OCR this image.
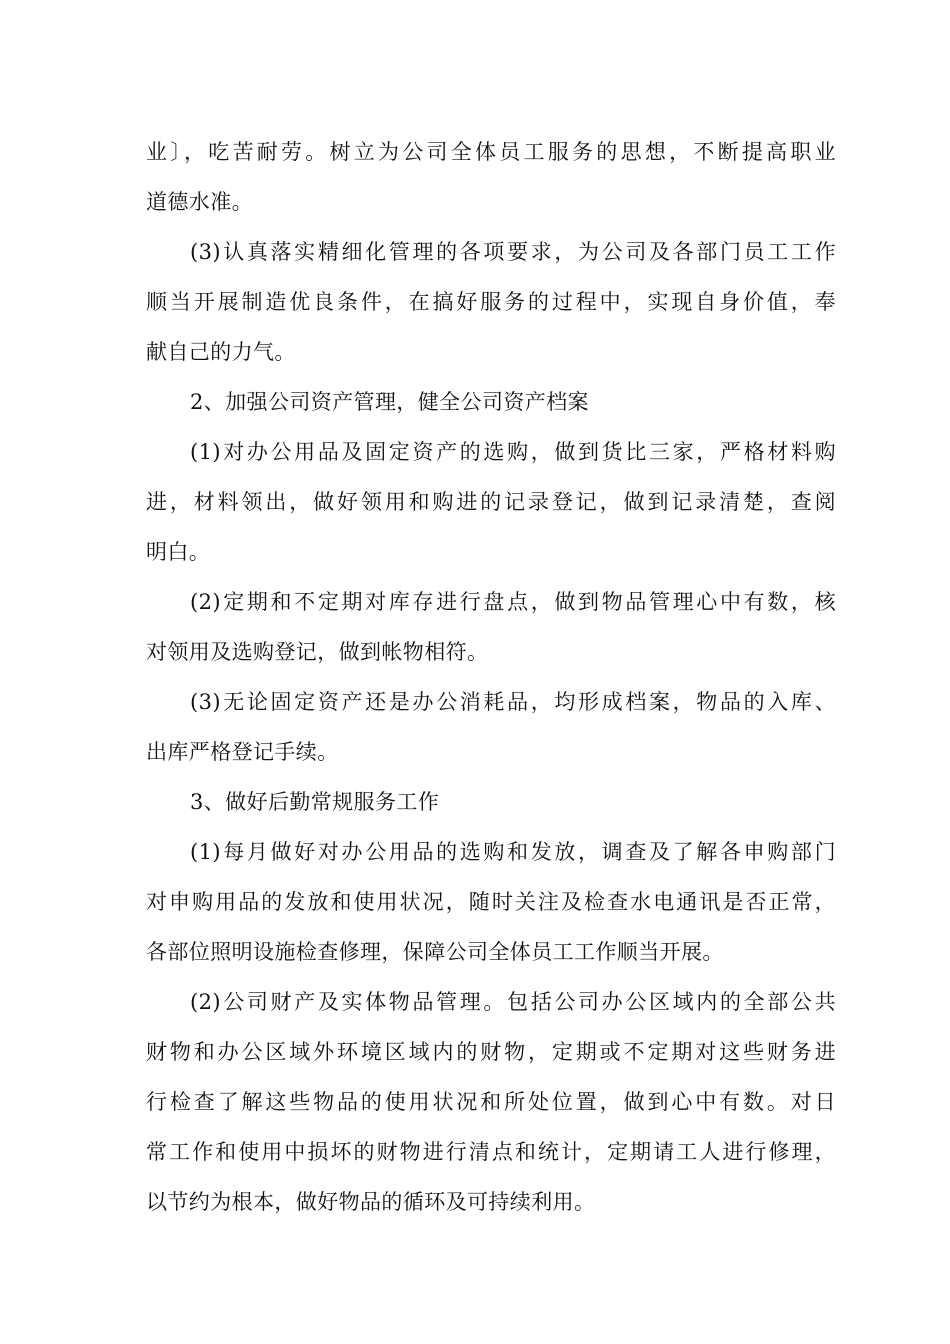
业〕，吃苦耐劳。树立为公司全体员工服务的思想，不断提高职业
道德水准。
(3)认真落实精细化管理的各项要求，为公司及各部门员工工作
顺当开展制造优良条件，在搞好服务的过程中，实现自身价值，奉
献自己的力气。
2、加强公司资产管理，健全公司资产档案
(1)对办公用品及固定资产的选购，做到货比三家，严格材料购
进，材料领出，做好领用和购进的记录登记，做到记录清楚，查阅
明白。
(2)定期和不定期对库存进行盘点，做到物品管理心中有数，核
对领用及选购登记，做到帐物相符。
(3)无论固定资产还是办公消耗品，均形成档案，物品的入库、
出库严格登记手续。
3、做好后勤常规服务工作
(1)每月做好对办公用品的选购和发放，调查及了解各申购部门
对申购用品的发放和使用状况，随时关注及检查水电通讯是否正常，
各部位照明设施检查修理，保障公司全体员工工作顺当开展。
(2)公司财产及实体物品管理。包括公司办公区域内的全部公共
财物和办公区域外环境区域内的财物，定期或不定期对这些财务进
行检查了解这些物品的使用状况和所处位置，做到心中有数。对日
常工作和使用中损坏的财物进行清点和统计，定期请工人进行修理，
以节约为根本，做好物品的循环及可持续利用。
